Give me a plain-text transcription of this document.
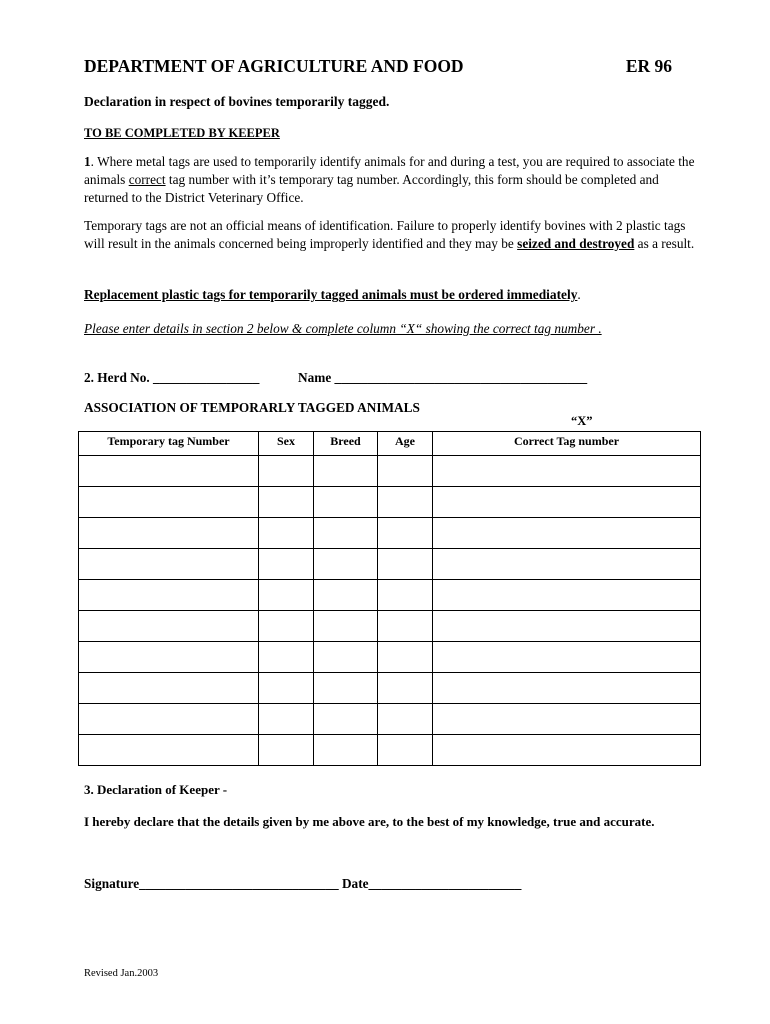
DEPARTMENT OF AGRICULTURE AND FOOD	ER 96
Declaration in respect of bovines temporarily tagged.
TO BE COMPLETED BY KEEPER
1. Where metal tags are used to temporarily identify animals for and during a test, you are required to associate the animals correct tag number with it’s temporary tag number. Accordingly, this form should be completed and returned to the District Veterinary Office.
Temporary tags are not an official means of identification. Failure to properly identify bovines with 2 plastic tags will result in the animals concerned being improperly identified and they may be seized and destroyed as a result.
Replacement plastic tags for temporarily tagged animals must be ordered immediately.
Please enter details in section 2 below & complete column “X“ showing the correct tag number .
2. Herd No. ________________	Name ______________________________________
ASSOCIATION OF TEMPORARLY TAGGED ANIMALS
“X”
Temporary tag Number	Sex	Breed	Age	Correct Tag number

3. Declaration of Keeper -
I hereby declare that the details given by me above are, to the best of my knowledge, true and accurate.
Signature______________________________ Date_______________________
Revised Jan.2003
